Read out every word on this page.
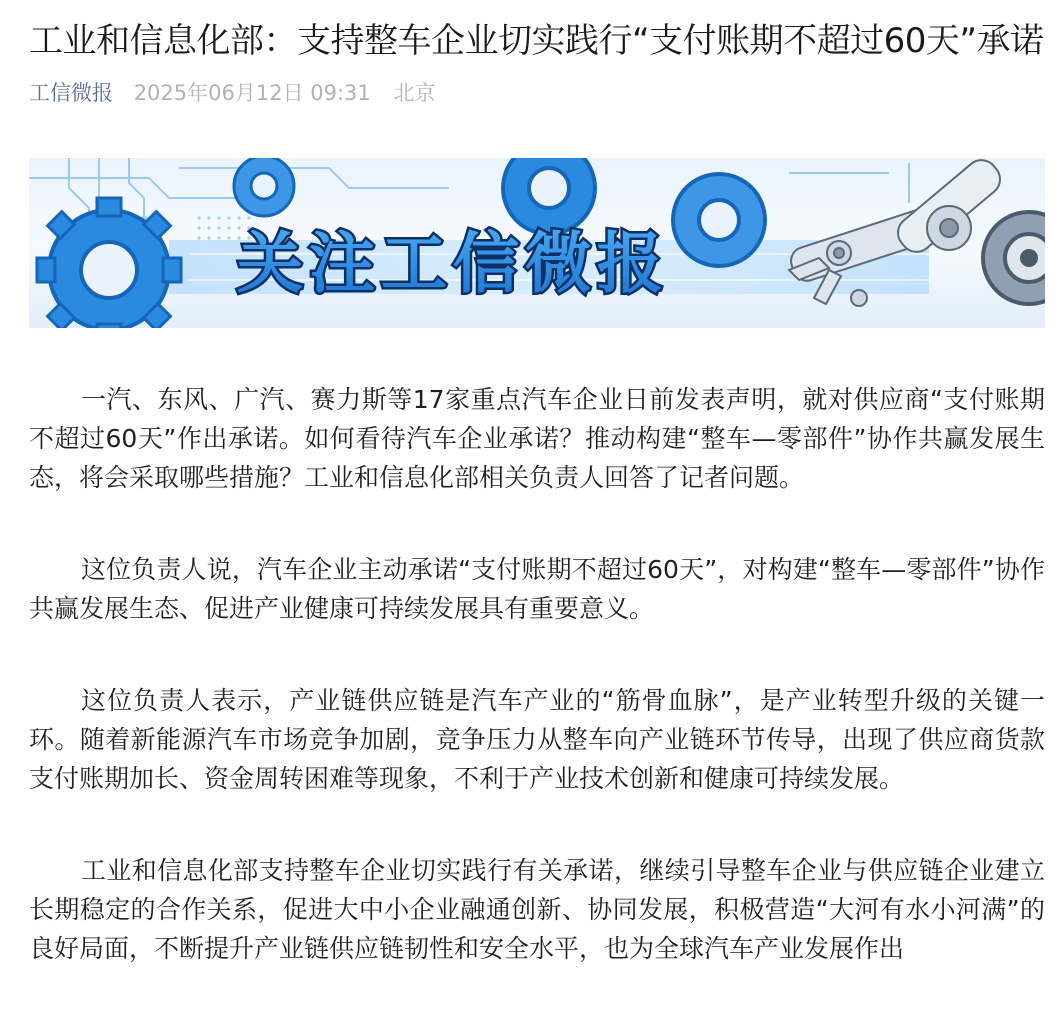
工业和信息化部：支持整车企业切实践行“支付账期不超过60天”承诺
工信微报 2025年06月12日 09:31 北京
关注工信微报

一汽、东风、广汽、赛力斯等17家重点汽车企业日前发表声明，就对供应商“支付账期不超过60天”作出承诺。如何看待汽车企业承诺？推动构建“整车—零部件”协作共赢发展生态，将会采取哪些措施？工业和信息化部相关负责人回答了记者问题。

这位负责人说，汽车企业主动承诺“支付账期不超过60天”，对构建“整车—零部件”协作共赢发展生态、促进产业健康可持续发展具有重要意义。

这位负责人表示，产业链供应链是汽车产业的“筋骨血脉”，是产业转型升级的关键一环。随着新能源汽车市场竞争加剧，竞争压力从整车向产业链环节传导，出现了供应商货款支付账期加长、资金周转困难等现象，不利于产业技术创新和健康可持续发展。

工业和信息化部支持整车企业切实践行有关承诺，继续引导整车企业与供应链企业建立长期稳定的合作关系，促进大中小企业融通创新、协同发展，积极营造“大河有水小河满”的良好局面，不断提升产业链供应链韧性和安全水平，也为全球汽车产业发展作出
